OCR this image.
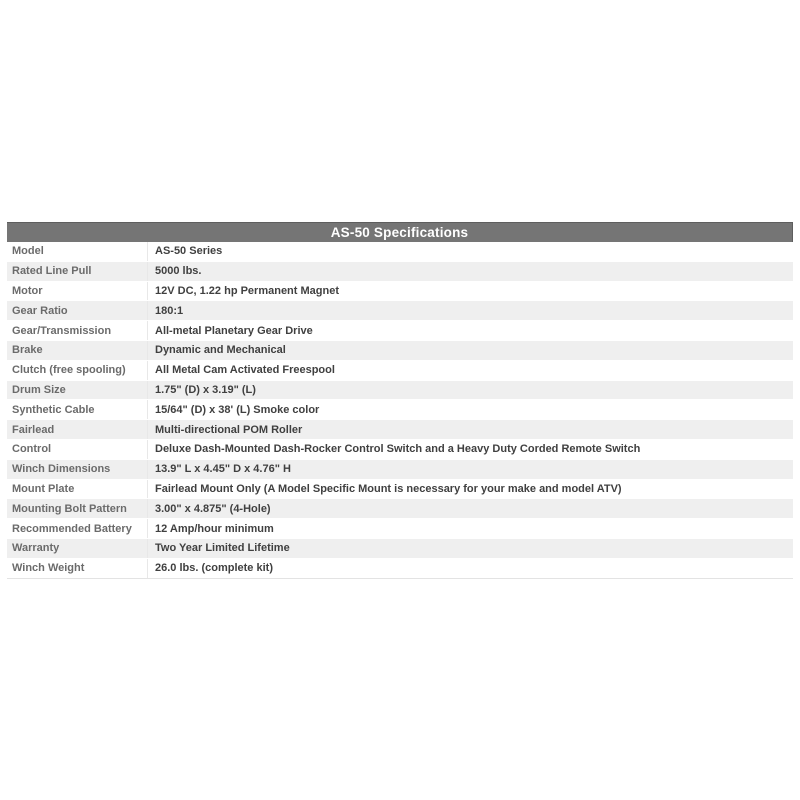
AS-50 Specifications
Model	AS-50 Series
Rated Line Pull	5000 lbs.
Motor	12V DC, 1.22 hp Permanent Magnet
Gear Ratio	180:1
Gear/Transmission	All-metal Planetary Gear Drive
Brake	Dynamic and Mechanical
Clutch (free spooling)	All Metal Cam Activated Freespool
Drum Size	1.75" (D) x 3.19" (L)
Synthetic Cable	15/64" (D) x 38' (L) Smoke color
Fairlead	Multi-directional POM Roller
Control	Deluxe Dash-Mounted Dash-Rocker Control Switch and a Heavy Duty Corded Remote Switch
Winch Dimensions	13.9" L x 4.45" D x 4.76" H
Mount Plate	Fairlead Mount Only (A Model Specific Mount is necessary for your make and model ATV)
Mounting Bolt Pattern	3.00" x 4.875" (4-Hole)
Recommended Battery	12 Amp/hour minimum
Warranty	Two Year Limited Lifetime
Winch Weight	26.0 lbs. (complete kit)
